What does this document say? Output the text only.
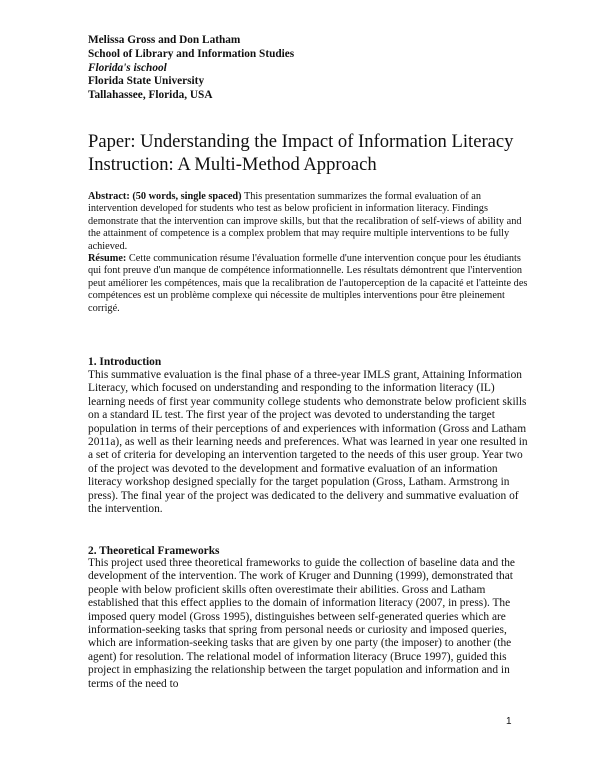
Melissa Gross and Don Latham
School of Library and Information Studies
Florida's ischool
Florida State University
Tallahassee, Florida, USA
Paper: Understanding the Impact of Information Literacy
Instruction: A Multi-Method Approach

Abstract: (50 words, single spaced) This presentation summarizes the formal evaluation of an intervention developed for students who test as below proficient in information literacy. Findings demonstrate that the intervention can improve skills, but that the recalibration of self-views of ability and the attainment of competence is a complex problem that may require multiple interventions to be fully achieved.

Résume: Cette communication résume l'évaluation formelle d'une intervention conçue pour les étudiants qui font preuve d'un manque de compétence informationnelle. Les résultats démontrent que l'intervention peut améliorer les compétences, mais que la recalibration de l'autoperception de la capacité et l'atteinte des compétences est un problème complexe qui nécessite de multiples interventions pour être pleinement corrigé.

1. Introduction

This summative evaluation is the final phase of a three-year IMLS grant, Attaining Information Literacy, which focused on understanding and responding to the information literacy (IL) learning needs of first year community college students who demonstrate below proficient skills on a standard IL test. The first year of the project was devoted to understanding the target population in terms of their perceptions of and experiences with information (Gross and Latham 2011a), as well as their learning needs and preferences. What was learned in year one resulted in a set of criteria for developing an intervention targeted to the needs of this user group. Year two of the project was devoted to the development and formative evaluation of an information literacy workshop designed specially for the target population (Gross, Latham. Armstrong in press). The final year of the project was dedicated to the delivery and summative evaluation of the intervention.

2. Theoretical Frameworks

This project used three theoretical frameworks to guide the collection of baseline data and the development of the intervention. The work of Kruger and Dunning (1999), demonstrated that people with below proficient skills often overestimate their abilities. Gross and Latham established that this effect applies to the domain of information literacy (2007, in press). The imposed query model (Gross 1995), distinguishes between self-generated queries which are information-seeking tasks that spring from personal needs or curiosity and imposed queries, which are information-seeking tasks that are given by one party (the imposer) to another (the agent) for resolution. The relational model of information literacy (Bruce 1997), guided this project in emphasizing the relationship between the target population and information and in terms of the need to

1
